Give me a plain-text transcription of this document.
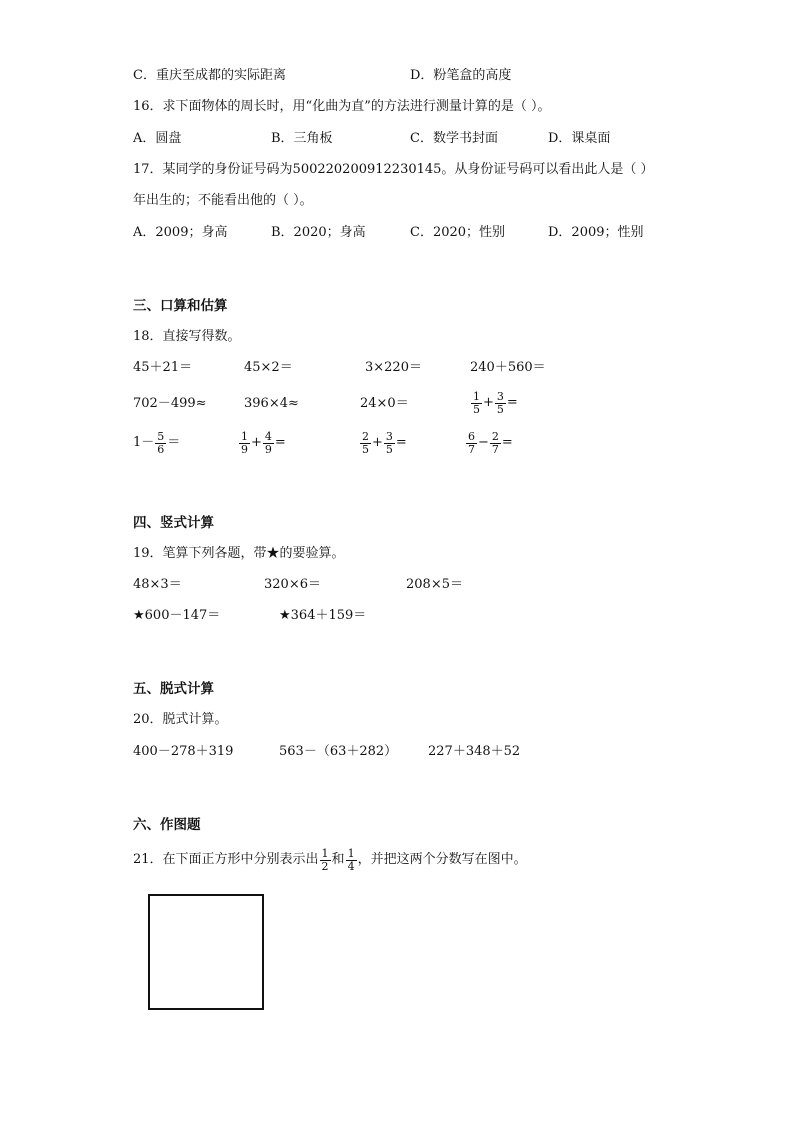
C．重庆至成都的实际距离	D．粉笔盒的高度
16．求下面物体的周长时，用“化曲为直”的方法进行测量计算的是（ ）。
A．圆盘	B．三角板	C．数学书封面	D．课桌面
17．某同学的身份证号码为500220200912230145。从身份证号码可以看出此人是（ ）
年出生的；不能看出他的（ ）。
A．2009；身高	B．2020；身高	C．2020；性别	D．2009；性别
三、口算和估算
18．直接写得数。
45＋21＝	45×2＝	3×220＝	240＋560＝
702－499≈	396×4≈	24×0＝	$\frac{1}{5} + \frac{3}{5}$ =
$1- \frac{5}{6}$ ＝	$\frac{1}{9} + \frac{4}{9}$ =	$\frac{2}{5} + \frac{3}{5}$ =	$\frac{6}{7} - \frac{2}{7}$ =
四、竖式计算
19．笔算下列各题，带★的要验算。
48×3＝	320×6＝	208×5＝
★600－147＝	★364＋159＝
五、脱式计算
20．脱式计算。
400－278＋319	563－（63＋282） 227＋348＋52
六、作图题
21．在下面正方形中分别表示出 $\frac{1}{2}$ 和 $\frac{1}{4}$ ，并把这两个分数写在图中。
